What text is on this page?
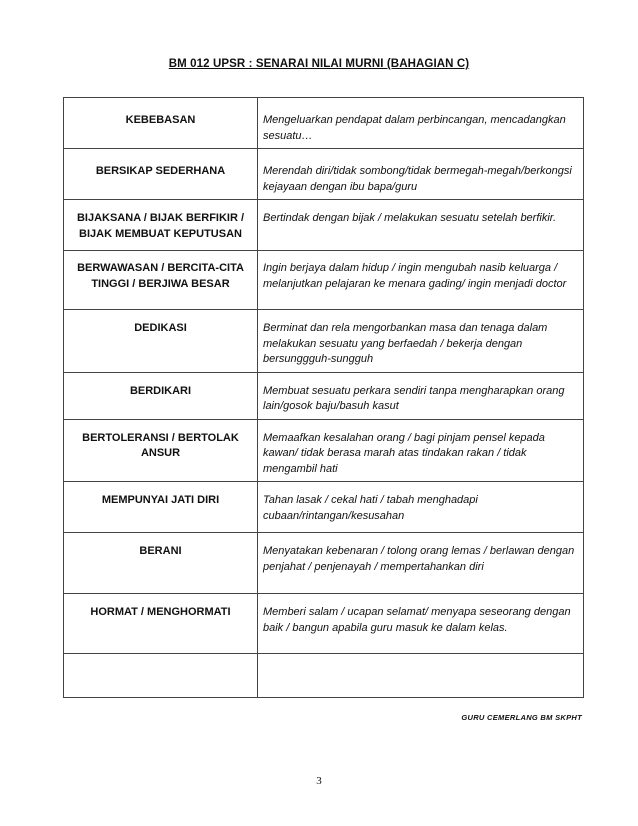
BM 012 UPSR : SENARAI NILAI MURNI (BAHAGIAN C)
KEBEBASAN	Mengeluarkan pendapat dalam perbincangan, mencadangkan sesuatu…
BERSIKAP SEDERHANA	Merendah diri/tidak sombong/tidak bermegah-megah/berkongsi kejayaan dengan ibu bapa/guru
BIJAKSANA / BIJAK BERFIKIR / BIJAK MEMBUAT KEPUTUSAN	Bertindak dengan bijak / melakukan sesuatu setelah berfikir.
BERWAWASAN / BERCITA-CITA TINGGI / BERJIWA BESAR	Ingin berjaya dalam hidup / ingin mengubah nasib keluarga / melanjutkan pelajaran ke menara gading/ ingin menjadi doctor
DEDIKASI	Berminat dan rela mengorbankan masa dan tenaga dalam melakukan sesuatu yang berfaedah / bekerja dengan bersunggguh-sungguh
BERDIKARI	Membuat sesuatu perkara sendiri tanpa mengharapkan orang lain/gosok baju/basuh kasut
BERTOLERANSI / BERTOLAK ANSUR	Memaafkan kesalahan orang / bagi pinjam pensel kepada kawan/ tidak berasa marah atas tindakan rakan / tidak mengambil hati
MEMPUNYAI JATI DIRI	Tahan lasak / cekal hati / tabah menghadapi cubaan/rintangan/kesusahan
BERANI	Menyatakan kebenaran / tolong orang lemas / berlawan dengan penjahat / penjenayah / mempertahankan diri
HORMAT / MENGHORMATI	Memberi salam / ucapan selamat/ menyapa seseorang dengan baik / bangun apabila guru masuk ke dalam kelas.

GURU CEMERLANG BM SKPHT
3
